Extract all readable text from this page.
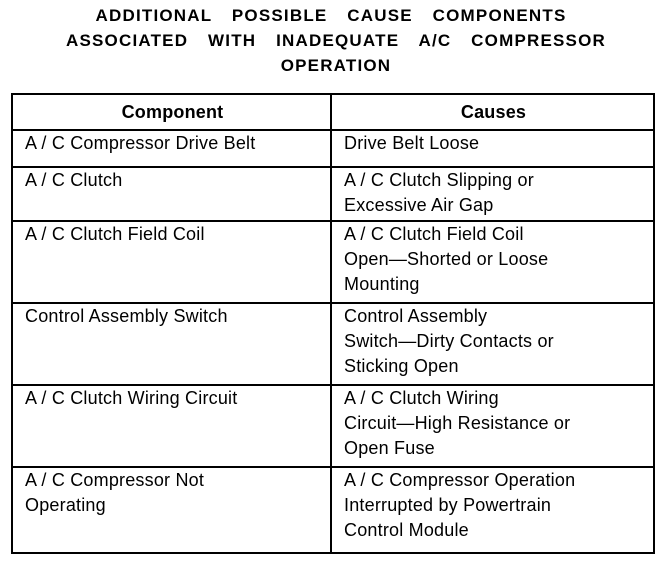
ADDITIONAL  POSSIBLE  CAUSE  COMPONENTS
ASSOCIATED  WITH  INADEQUATE  A/C  COMPRESSOR
OPERATION
Component	Causes

A / C Compressor Drive Belt	Drive Belt Loose

A / C Clutch	A / C Clutch Slipping or
Excessive Air Gap

A / C Clutch Field Coil	A / C Clutch Field Coil
Open—Shorted or Loose
Mounting

Control Assembly Switch	Control Assembly
Switch—Dirty Contacts or
Sticking Open

A / C Clutch Wiring Circuit	A / C Clutch Wiring
Circuit—High Resistance or
Open Fuse

A / C Compressor Not
Operating	A / C Compressor Operation
Interrupted by Powertrain
Control Module
